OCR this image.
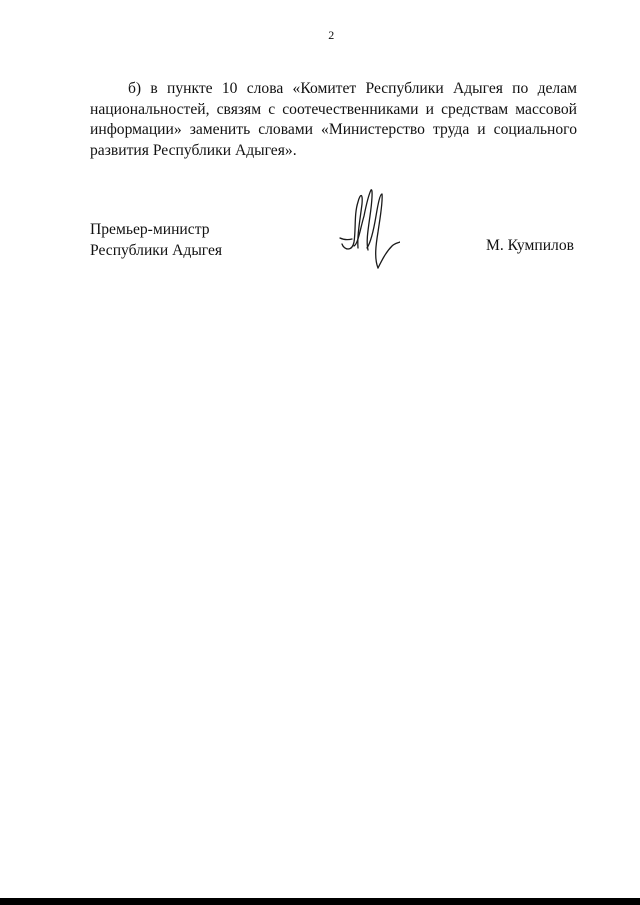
2

б) в пункте 10 слова «Комитет Республики Адыгея по делам национальностей, связям с соотечественниками и средствам массовой информации» заменить словами «Министерство труда и социального развития Республики Адыгея».

Премьер-министр
Республики Адыгея	М. Кумпилов
